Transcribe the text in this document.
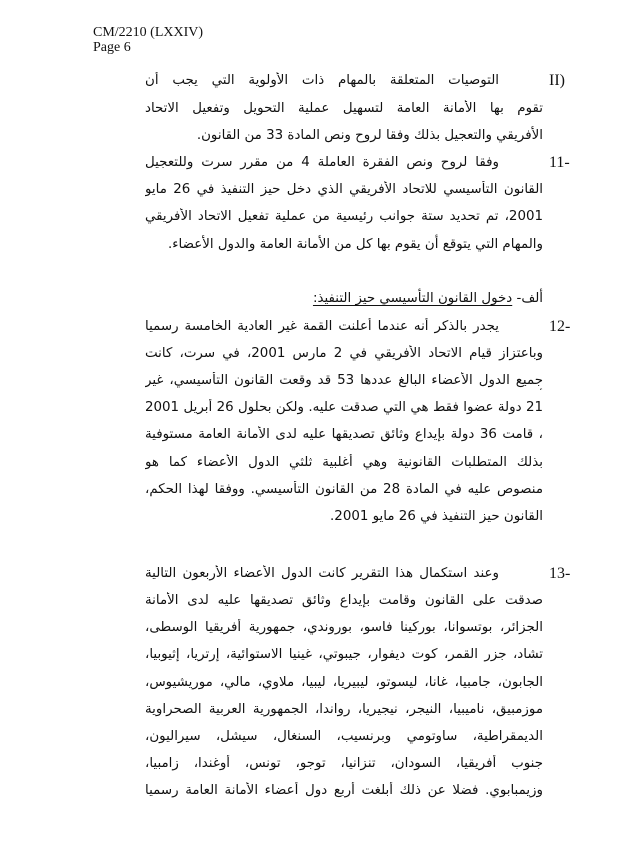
CM/2210 (LXXIV)
Page 6
II)
التوصيات المتعلقة بالمهام ذات الأولوية التي يجب أن
تقوم بها الأمانة العامة لتسهيل عملية التحويل وتفعيل الاتحاد
الأفريقي والتعجيل بذلك وفقا لروح ونص المادة 33 من القانون.
11-
وفقا لروح ونص الفقرة العاملة 4 من مقرر سرت وللتعجيل
القانون التأسيسي للاتحاد الأفريقي الذي دخل حيز التنفيذ في 26 مايو
2001، تم تحديد ستة جوانب رئيسية من عملية تفعيل الاتحاد الأفريقي
والمهام التي يتوقع أن يقوم بها كل من الأمانة العامة والدول الأعضاء.
12-
يجدر بالذكر أنه عندما أعلنت القمة غير العادية الخامسة رسميا
وباعتزاز قيام الاتحاد الأفريقي في 2 مارس 2001، في سرت، كانت
جميع الدول الأعضاء البالغ عددها 53 قد وقعت القانون التأسيسي، غير
21 دولة عضوا فقط هي التي صدقت عليه. ولكن بحلول 26 أبريل 2001
، قامت 36 دولة بإيداع وثائق تصديقها عليه لدى الأمانة العامة مستوفية
بذلك المتطلبات القانونية وهي أغلبية ثلثي الدول الأعضاء كما هو
منصوص عليه في المادة 28 من القانون التأسيسي. ووفقا لهذا الحكم،
القانون حيز التنفيذ في 26 مايو 2001.
13-
وعند استكمال هذا التقرير كانت الدول الأعضاء الأربعون التالية
صدقت على القانون وقامت بإيداع وثائق تصديقها عليه لدى الأمانة
الجزائر، بوتسوانا، بوركينا فاسو، بوروندي، جمهورية أفريقيا الوسطى،
تشاد، جزر القمر، كوت ديفوار، جيبوتي، غينيا الاستوائية، إرتريا، إثيوبيا،
الجابون، جامبيا، غانا، ليسوتو، ليبيريا، ليبيا، ملاوي، مالي، موريشيوس،
موزمبيق، ناميبيا، النيجر، نيجيريا، رواندا، الجمهورية العربية الصحراوية
الديمقراطية، ساوتومي وبرنسيب، السنغال، سيشل، سيراليون،
جنوب أفريقيا، السودان، تنزانيا، توجو، تونس، أوغندا، زامبيا،
وزيمبابوي. فضلا عن ذلك أبلغت أربع دول أعضاء الأمانة العامة رسميا
ألف- دخول القانون التأسيسي حيز التنفيذ:
